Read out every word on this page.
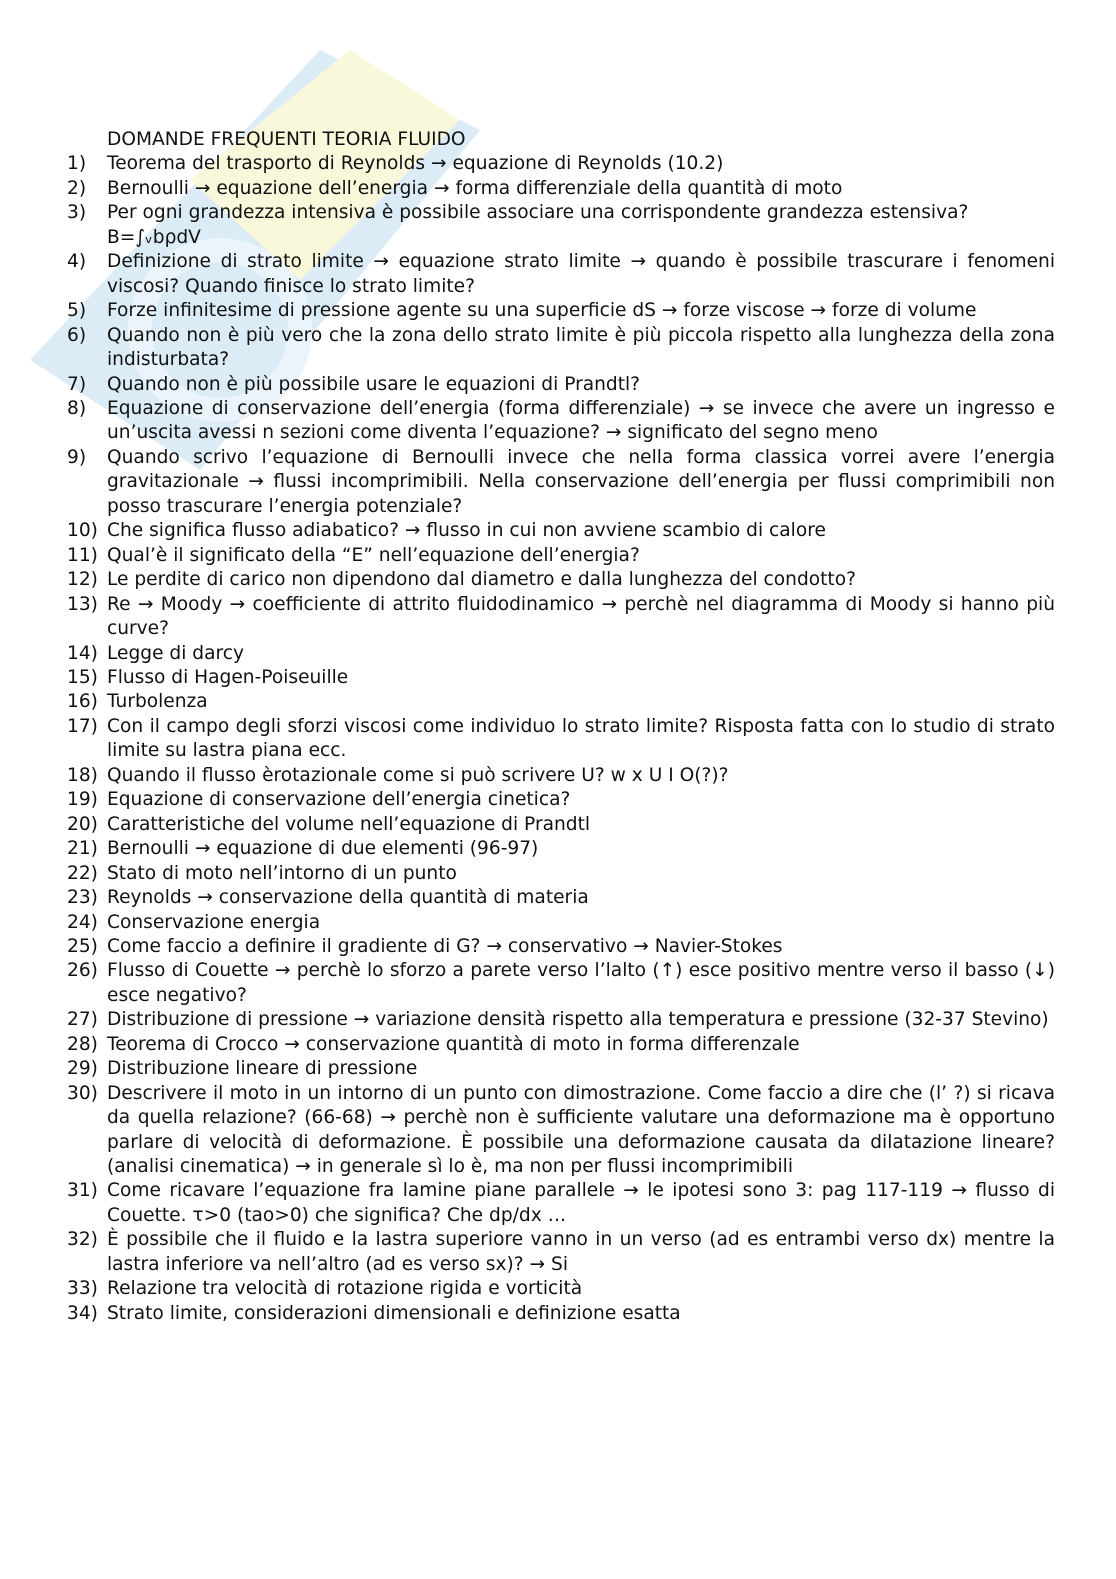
DOMANDE FREQUENTI TEORIA FLUIDO
1)	Teorema del trasporto di Reynolds → equazione di Reynolds (10.2)
2)	Bernoulli → equazione dell’energia → forma differenziale della quantità di moto
3)	Per ogni grandezza intensiva è possibile associare una corrispondente grandezza estensiva?
B=∫ᵥbρdV
4)	Definizione di strato limite → equazione strato limite → quando è possibile trascurare i fenomeni viscosi? Quando finisce lo strato limite?
5)	Forze infinitesime di pressione agente su una superficie dS → forze viscose → forze di volume
6)	Quando non è più vero che la zona dello strato limite è più piccola rispetto alla lunghezza della zona indisturbata?
7)	Quando non è più possibile usare le equazioni di Prandtl?
8)	Equazione di conservazione dell’energia (forma differenziale) → se invece che avere un ingresso e un’uscita avessi n sezioni come diventa l’equazione? → significato del segno meno
9)	Quando scrivo l’equazione di Bernoulli invece che nella forma classica vorrei avere l’energia gravitazionale → flussi incomprimibili. Nella conservazione dell’energia per flussi comprimibili non posso trascurare l’energia potenziale?
10) Che significa flusso adiabatico? → flusso in cui non avviene scambio di calore
11) Qual’è il significato della “E” nell’equazione dell’energia?
12) Le perdite di carico non dipendono dal diametro e dalla lunghezza del condotto?
13) Re → Moody → coefficiente di attrito fluidodinamico → perchè nel diagramma di Moody si hanno più curve?
14) Legge di darcy
15) Flusso di Hagen-Poiseuille
16) Turbolenza
17) Con il campo degli sforzi viscosi come individuo lo strato limite? Risposta fatta con lo studio di strato limite su lastra piana ecc.
18) Quando il flusso èrotazionale come si può scrivere U? w x U I O(?)?
19) Equazione di conservazione dell’energia cinetica?
20) Caratteristiche del volume nell’equazione di Prandtl
21) Bernoulli → equazione di due elementi (96-97)
22) Stato di moto nell’intorno di un punto
23) Reynolds → conservazione della quantità di materia
24) Conservazione energia
25) Come faccio a definire il gradiente di G? → conservativo → Navier-Stokes
26) Flusso di Couette → perchè lo sforzo a parete verso l’lalto (↑) esce positivo mentre verso il basso (↓) esce negativo?
27) Distribuzione di pressione → variazione densità rispetto alla temperatura e pressione (32-37 Stevino)
28) Teorema di Crocco → conservazione quantità di moto in forma differenzale
29) Distribuzione lineare di pressione
30) Descrivere il moto in un intorno di un punto con dimostrazione. Come faccio a dire che (l’ ?) si ricava da quella relazione? (66-68) → perchè non è sufficiente valutare una deformazione ma è opportuno parlare di velocità di deformazione. È possibile una deformazione causata da dilatazione lineare? (analisi cinematica) → in generale sì lo è, ma non per flussi incomprimibili
31) Come ricavare l’equazione fra lamine piane parallele → le ipotesi sono 3: pag 117-119 → flusso di Couette. τ>0 (tao>0) che significa? Che dp/dx …
32) È possibile che il fluido e la lastra superiore vanno in un verso (ad es entrambi verso dx) mentre la lastra inferiore va nell’altro (ad es verso sx)? → Si
33) Relazione tra velocità di rotazione rigida e vorticità
34) Strato limite, considerazioni dimensionali e definizione esatta
